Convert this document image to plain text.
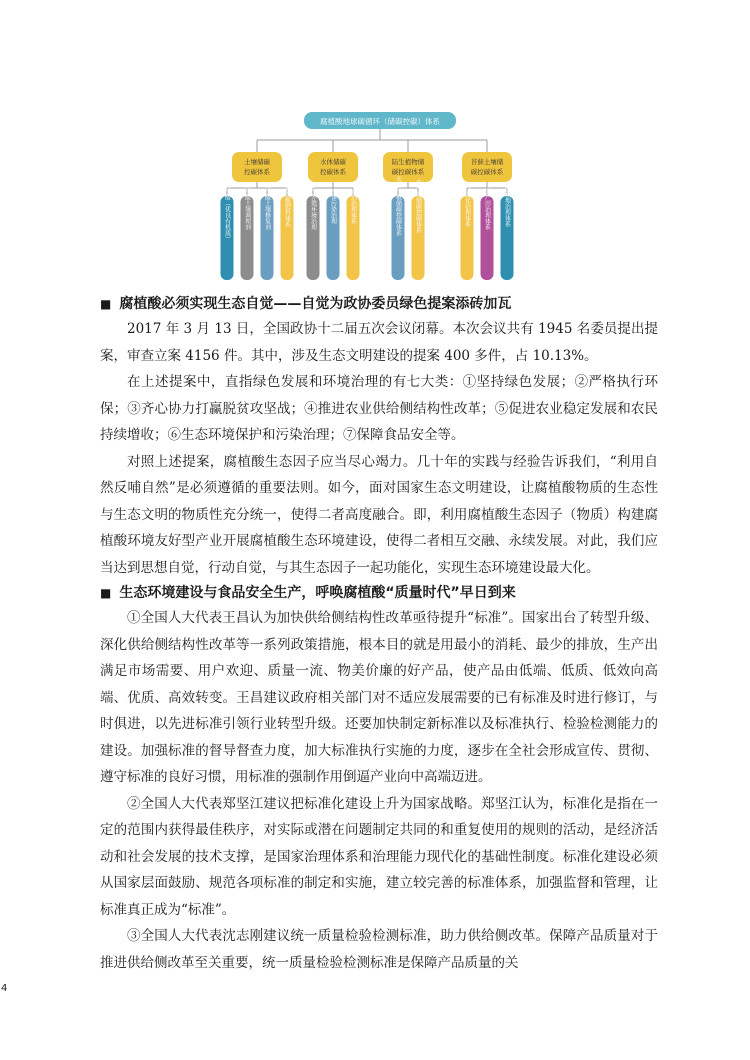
腐植酸地球碳循环（储碳控碳）体系
土壤储碳
控碳体系
补充腐植酸（优良有机质） 腐植酸土壤调理剂 腐植酸土壤修复剂 腐植酸肥料体系
水体储碳
控碳体系
水产养殖环境治理 水体污染治理 湖泊治理体系
陆生植物储
碳控碳体系
天然植被储碳控碳体系 农作物储碳控碳体系
苔藓土壤储
碳控碳体系
沙漠化治理体系 中低产田治理体系 盐碱地治理体系
■ 腐植酸必须实现生态自觉——自觉为政协委员绿色提案添砖加瓦

2017 年 3 月 13 日，全国政协十二届五次会议闭幕。本次会议共有 1945 名委员提出提案，审查立案 4156 件。其中，涉及生态文明建设的提案 400 多件，占 10.13%。

在上述提案中，直指绿色发展和环境治理的有七大类：①坚持绿色发展；②严格执行环保；③齐心协力打赢脱贫攻坚战；④推进农业供给侧结构性改革；⑤促进农业稳定发展和农民持续增收；⑥生态环境保护和污染治理；⑦保障食品安全等。

对照上述提案，腐植酸生态因子应当尽心竭力。几十年的实践与经验告诉我们，“利用自然反哺自然”是必须遵循的重要法则。如今，面对国家生态文明建设，让腐植酸物质的生态性与生态文明的物质性充分统一，使得二者高度融合。即，利用腐植酸生态因子（物质）构建腐植酸环境友好型产业开展腐植酸生态环境建设，使得二者相互交融、永续发展。对此，我们应当达到思想自觉，行动自觉，与其生态因子一起功能化，实现生态环境建设最大化。

■ 生态环境建设与食品安全生产，呼唤腐植酸“质量时代”早日到来

①全国人大代表王昌认为加快供给侧结构性改革亟待提升“标准”。国家出台了转型升级、深化供给侧结构性改革等一系列政策措施，根本目的就是用最小的消耗、最少的排放，生产出满足市场需要、用户欢迎、质量一流、物美价廉的好产品，使产品由低端、低质、低效向高端、优质、高效转变。王昌建议政府相关部门对不适应发展需要的已有标准及时进行修订，与时俱进，以先进标准引领行业转型升级。还要加快制定新标准以及标准执行、检验检测能力的建设。加强标准的督导督查力度，加大标准执行实施的力度，逐步在全社会形成宣传、贯彻、遵守标准的良好习惯，用标准的强制作用倒逼产业向中高端迈进。

②全国人大代表郑坚江建议把标准化建设上升为国家战略。郑坚江认为，标准化是指在一定的范围内获得最佳秩序，对实际或潜在问题制定共同的和重复使用的规则的活动，是经济活动和社会发展的技术支撑，是国家治理体系和治理能力现代化的基础性制度。标准化建设必须从国家层面鼓励、规范各项标准的制定和实施，建立较完善的标准体系，加强监督和管理，让标准真正成为“标准”。

③全国人大代表沈志刚建议统一质量检验检测标准，助力供给侧改革。保障产品质量对于推进供给侧改革至关重要，统一质量检验检测标准是保障产品质量的关

4
